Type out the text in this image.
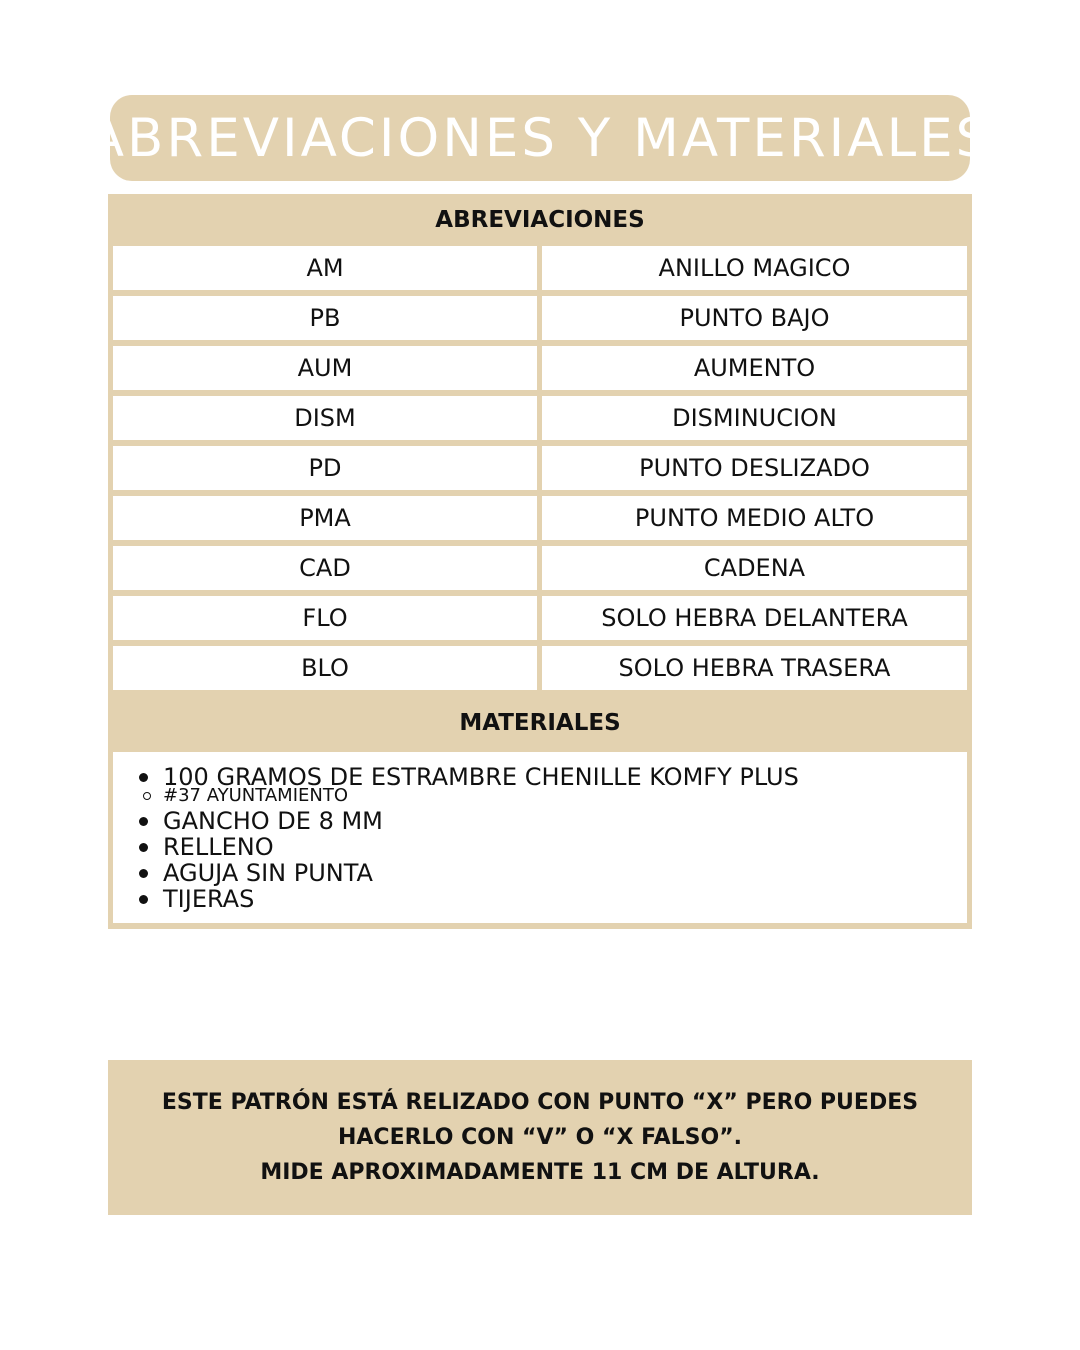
ABREVIACIONES Y MATERIALES
ABREVIACIONES
AM	ANILLO MAGICO
PB	PUNTO BAJO
AUM	AUMENTO
DISM	DISMINUCION
PD	PUNTO DESLIZADO
PMA	PUNTO MEDIO ALTO
CAD	CADENA
FLO	SOLO HEBRA DELANTERA
BLO	SOLO HEBRA TRASERA
MATERIALES
100 GRAMOS DE ESTRAMBRE CHENILLE KOMFY PLUS
#37 AYUNTAMIENTO
GANCHO DE 8 MM
RELLENO
AGUJA SIN PUNTA
TIJERAS
ESTE PATRÓN ESTÁ RELIZADO CON PUNTO “X” PERO PUEDES
HACERLO CON “V” O “X FALSO”.
MIDE APROXIMADAMENTE 11 CM DE ALTURA.
